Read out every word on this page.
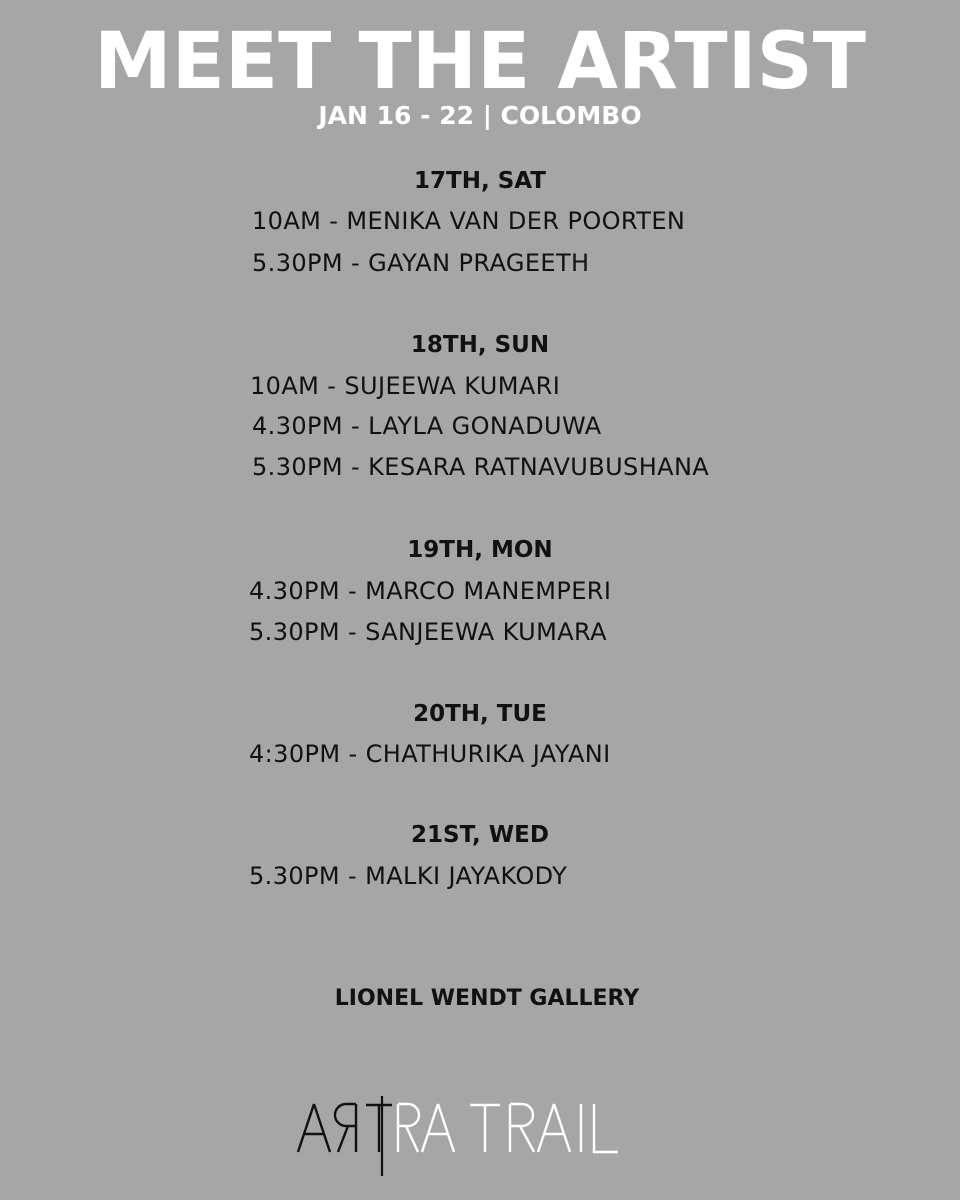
MEET THE ARTIST
JAN 16 - 22 | COLOMBO
17TH, SAT
10AM - MENIKA VAN DER POORTEN
5.30PM - GAYAN PRAGEETH
18TH, SUN
10AM - SUJEEWA KUMARI
4.30PM - LAYLA GONADUWA
5.30PM - KESARA RATNAVUBUSHANA
19TH, MON
4.30PM - MARCO MANEMPERI
5.30PM - SANJEEWA KUMARA
20TH, TUE
4:30PM - CHATHURIKA JAYANI
21ST, WED
5.30PM - MALKI JAYAKODY
LIONEL WENDT GALLERY
